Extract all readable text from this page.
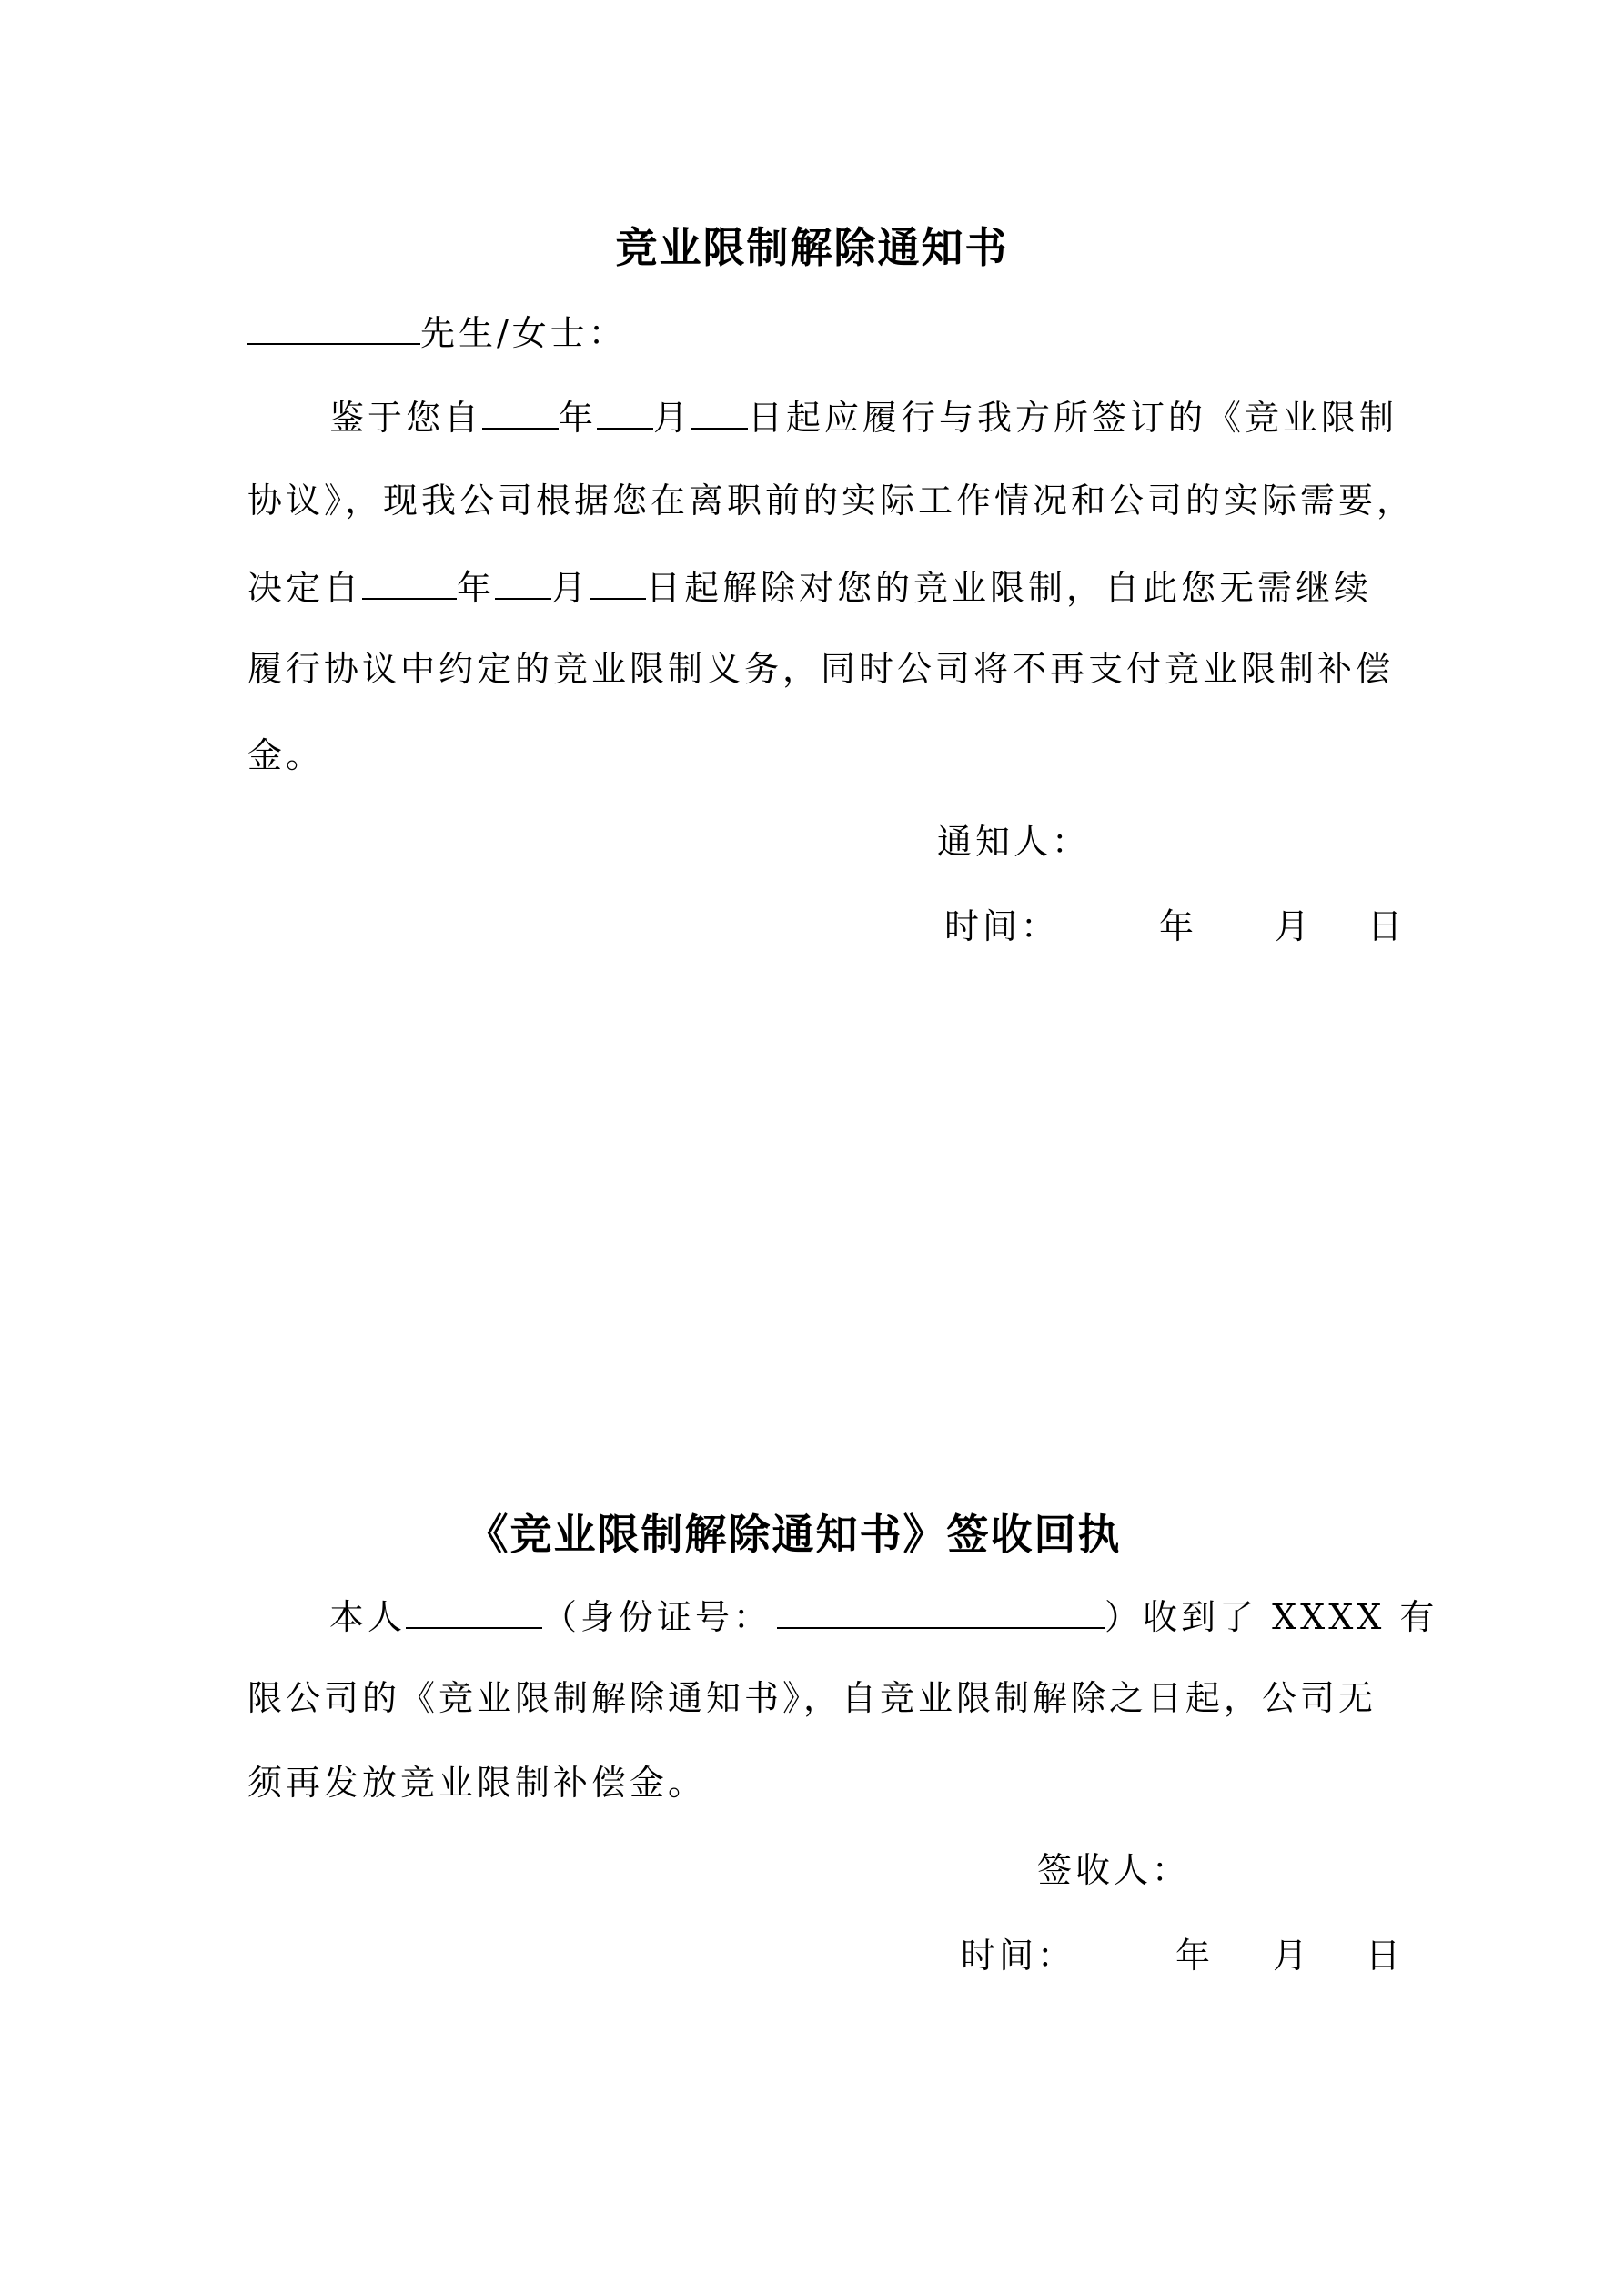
竞业限制解除通知书
先生/女士：
鉴于您自 年 月 日起应履行与我方所签订的《竞业限制
协议》，现我公司根据您在离职前的实际工作情况和公司的实际需要，
决定自	年 月 日起解除对您的竞业限制，自此您无需继续
履行协议中约定的竞业限制义务，同时公司将不再支付竞业限制补偿
金。
通知人：
时间：	年 月 日
《竞业限制解除通知书》签收回执
本人	（身份证号：	）收到了 XXXX 有
限公司的《竞业限制解除通知书》，自竞业限制解除之日起，公司无
须再发放竞业限制补偿金。
签收人：
时间：	年 月 日
